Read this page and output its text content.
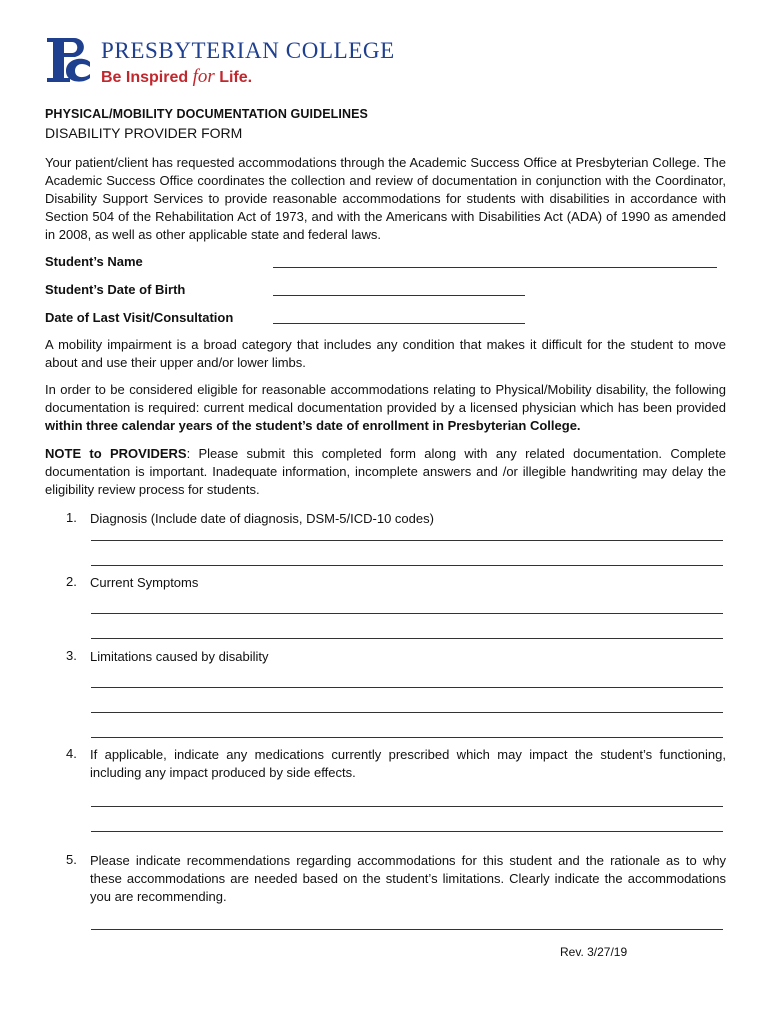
PRESBYTERIAN COLLEGE
Be Inspired for Life.
PHYSICAL/MOBILITY DOCUMENTATION GUIDELINES
DISABILITY PROVIDER FORM
Your patient/client has requested accommodations through the Academic Success Office at Presbyterian College. The Academic Success Office coordinates the collection and review of documentation in conjunction with the Coordinator, Disability Support Services to provide reasonable accommodations for students with disabilities in accordance with Section 504 of the Rehabilitation Act of 1973, and with the Americans with Disabilities Act (ADA) of 1990 as amended in 2008, as well as other applicable state and federal laws.
Student’s Name
Student’s Date of Birth
Date of Last Visit/Consultation
A mobility impairment is a broad category that includes any condition that makes it difficult for the student to move about and use their upper and/or lower limbs.
In order to be considered eligible for reasonable accommodations relating to Physical/Mobility disability, the following documentation is required: current medical documentation provided by a licensed physician which has been provided within three calendar years of the student’s date of enrollment in Presbyterian College.
NOTE to PROVIDERS: Please submit this completed form along with any related documentation. Complete documentation is important. Inadequate information, incomplete answers and /or illegible handwriting may delay the eligibility review process for students.
1. Diagnosis (Include date of diagnosis, DSM-5/ICD-10 codes)
2. Current Symptoms
3. Limitations caused by disability
4. If applicable, indicate any medications currently prescribed which may impact the student’s functioning, including any impact produced by side effects.
5. Please indicate recommendations regarding accommodations for this student and the rationale as to why these accommodations are needed based on the student’s limitations. Clearly indicate the accommodations you are recommending.
Rev. 3/27/19
